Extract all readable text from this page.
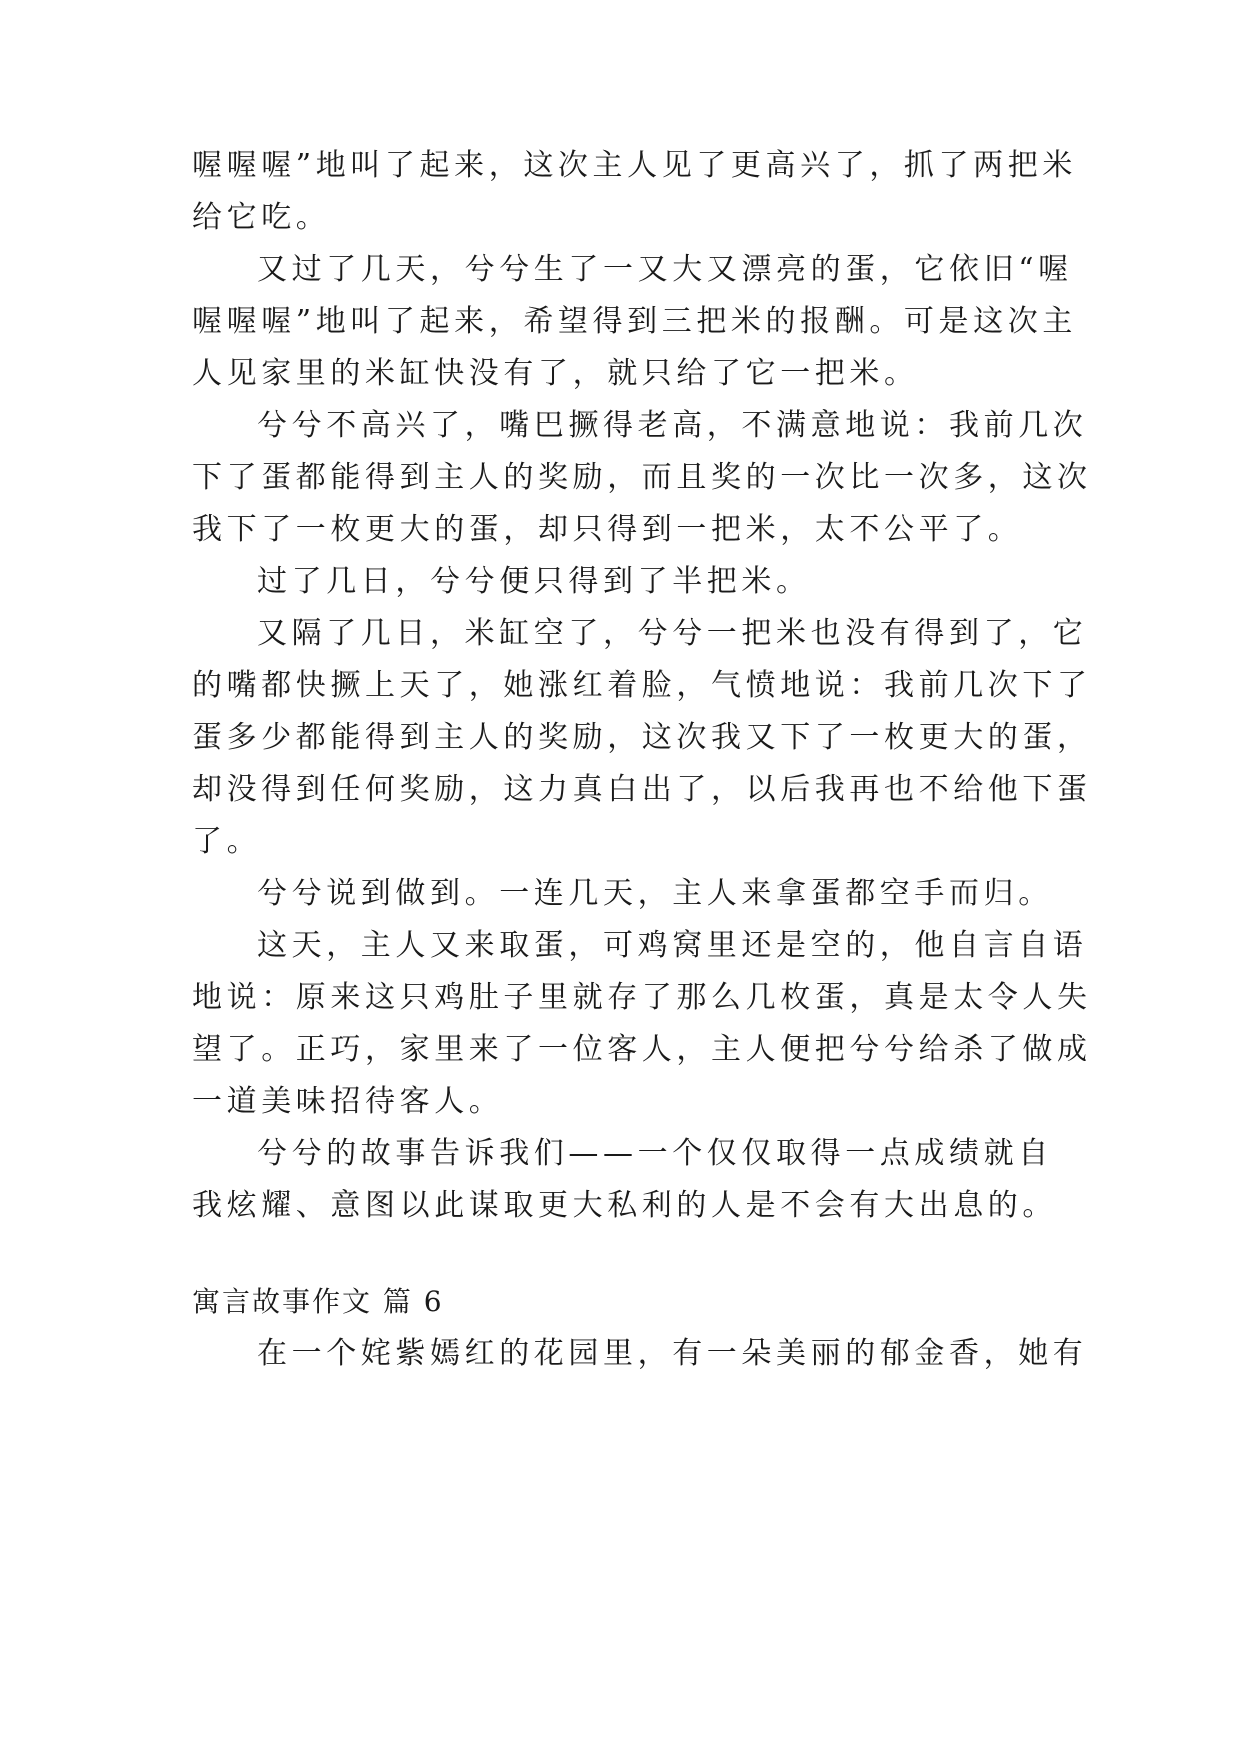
喔喔喔”地叫了起来，这次主人见了更高兴了，抓了两把米
给它吃。
又过了几天，兮兮生了一又大又漂亮的蛋，它依旧“喔
喔喔喔”地叫了起来，希望得到三把米的报酬。可是这次主
人见家里的米缸快没有了，就只给了它一把米。
兮兮不高兴了，嘴巴撅得老高，不满意地说：我前几次
下了蛋都能得到主人的奖励，而且奖的一次比一次多，这次
我下了一枚更大的蛋，却只得到一把米，太不公平了。
过了几日，兮兮便只得到了半把米。
又隔了几日，米缸空了，兮兮一把米也没有得到了，它
的嘴都快撅上天了，她涨红着脸，气愤地说：我前几次下了
蛋多少都能得到主人的奖励，这次我又下了一枚更大的蛋，
却没得到任何奖励，这力真白出了，以后我再也不给他下蛋
了。
兮兮说到做到。一连几天，主人来拿蛋都空手而归。
这天，主人又来取蛋，可鸡窝里还是空的，他自言自语
地说：原来这只鸡肚子里就存了那么几枚蛋，真是太令人失
望了。正巧，家里来了一位客人，主人便把兮兮给杀了做成
一道美味招待客人。
兮兮的故事告诉我们——一个仅仅取得一点成绩就自
我炫耀、意图以此谋取更大私利的人是不会有大出息的。
寓言故事作文 篇 6
在一个姹紫嫣红的花园里，有一朵美丽的郁金香，她有
